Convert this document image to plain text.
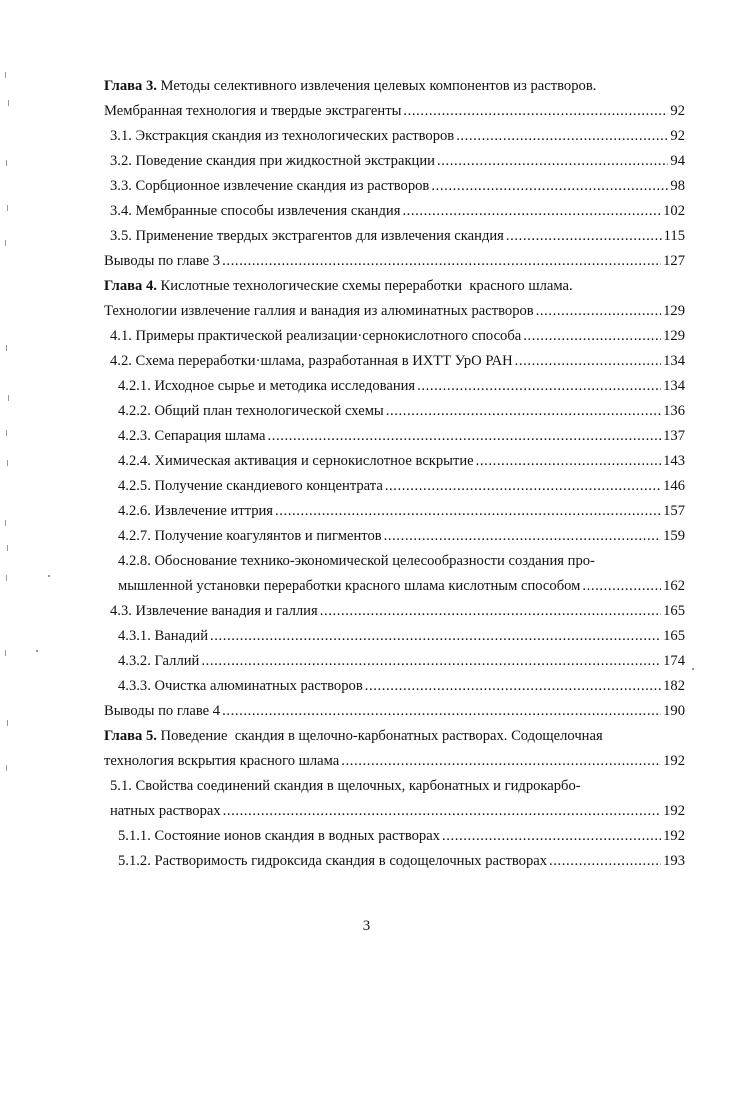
Глава 3. Методы селективного извлечения целевых компонентов из растворов.
Мембранная технология и твердые экстрагенты .....	92
3.1. Экстракция скандия из технологических растворов .....	92
3.2. Поведение скандия при жидкостной экстракции .....	94
3.3. Сорбционное извлечение скандия из растворов .....	98
3.4. Мембранные способы извлечения скандия .....	102
3.5. Применение твердых экстрагентов для извлечения скандия .....	115
Выводы по главе 3 .....	127
Глава 4. Кислотные технологические схемы переработки  красного шлама.
Технологии извлечение галлия и ванадия из алюминатных растворов .....	129
4.1. Примеры практической реализации·сернокислотного способа .....	129
4.2. Схема переработки·шлама, разработанная в ИХТТ УрО РАН .....	134
4.2.1. Исходное сырье и методика исследования .....	134
4.2.2. Общий план технологической схемы .....	136
4.2.3. Сепарация шлама .....	137
4.2.4. Химическая активация и сернокислотное вскрытие .....	143
4.2.5. Получение скандиевого концентрата .....	146
4.2.6. Извлечение иттрия .....	157
4.2.7. Получение коагулянтов и пигментов .....	159
4.2.8. Обоснование технико-экономической целесообразности создания про-
мышленной установки переработки красного шлама кислотным способом .....	162
4.3. Извлечение ванадия и галлия .....	165
4.3.1. Ванадий .....	165
4.3.2. Галлий .....	174
4.3.3. Очистка алюминатных растворов .....	182
Выводы по главе 4 .....	190
Глава 5. Поведение  скандия в щелочно-карбонатных растворах. Содощелочная
технология вскрытия красного шлама .....	192
5.1. Свойства соединений скандия в щелочных, карбонатных и гидрокарбо-
натных растворах .....	192
5.1.1. Состояние ионов скандия в водных растворах .....	192
5.1.2. Растворимость гидроксида скандия в содощелочных растворах .....	193
3
